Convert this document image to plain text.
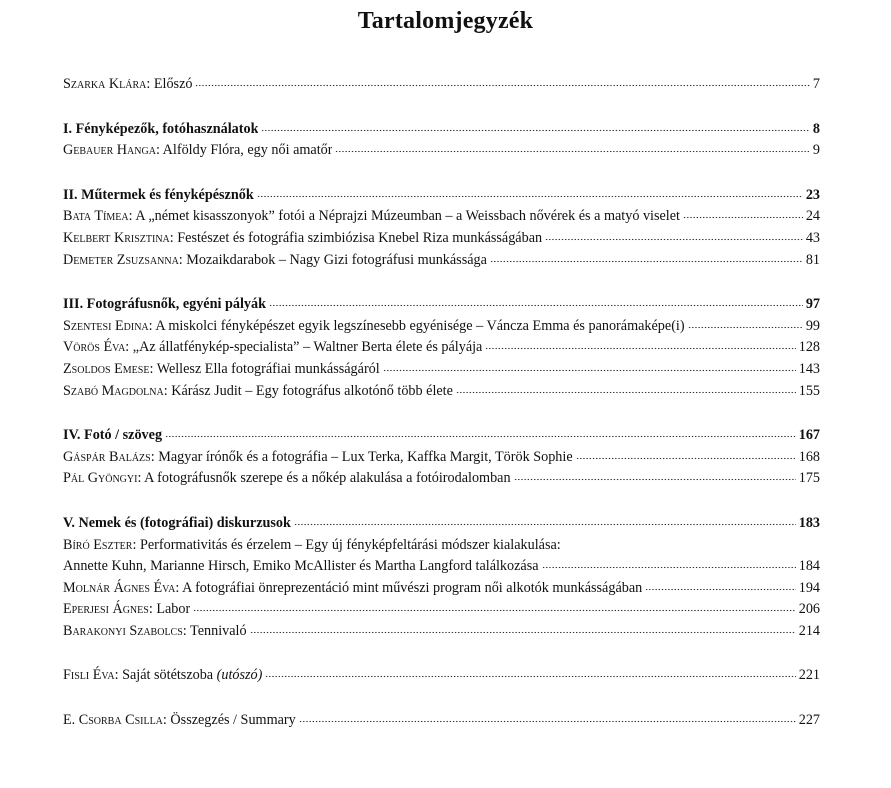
Tartalomjegyzék
Szarka Klára: Előszó	7
I. Fényképezők, fotóhasználatok	8
Gebauer Hanga: Alföldy Flóra, egy női amatőr	9
II. Műtermek és fényképésznők	23
Bata Tímea: A „német kisasszonyok” fotói a Néprajzi Múzeumban – a Weissbach nővérek és a matyó viselet	24
Kelbert Krisztina: Festészet és fotográfia szimbiózisa Knebel Riza munkásságában	43
Demeter Zsuzsanna: Mozaikdarabok – Nagy Gizi fotográfusi munkássága	81
III. Fotográfusnők, egyéni pályák	97
Szentesi Edina: A miskolci fényképészet egyik legszínesebb egyénisége – Váncza Emma és panorámaképe(i)	99
Vörös Éva: „Az állatfénykép-specialista” – Waltner Berta élete és pályája	128
Zsoldos Emese: Wellesz Ella fotográfiai munkásságáról	143
Szabó Magdolna: Kárász Judit – Egy fotográfus alkotónő több élete	155
IV. Fotó / szöveg	167
Gáspár Balázs: Magyar írónők és a fotográfia – Lux Terka, Kaffka Margit, Török Sophie	168
Pál Gyöngyi: A fotográfusnők szerepe és a nőkép alakulása a fotóirodalomban	175
V. Nemek és (fotográfiai) diskurzusok	183
Bíró Eszter: Performativitás és érzelem – Egy új fényképfeltárási módszer kialakulása:
Annette Kuhn, Marianne Hirsch, Emiko McAllister és Martha Langford találkozása	184
Molnár Ágnes Éva: A fotográfiai önreprezentáció mint művészi program női alkotók munkásságában	194
Eperjesi Ágnes: Labor	206
Barakonyi Szabolcs: Tennivaló	214
Fisli Éva: Saját sötétszoba (utószó)	221
E. Csorba Csilla: Összegzés / Summary	227
